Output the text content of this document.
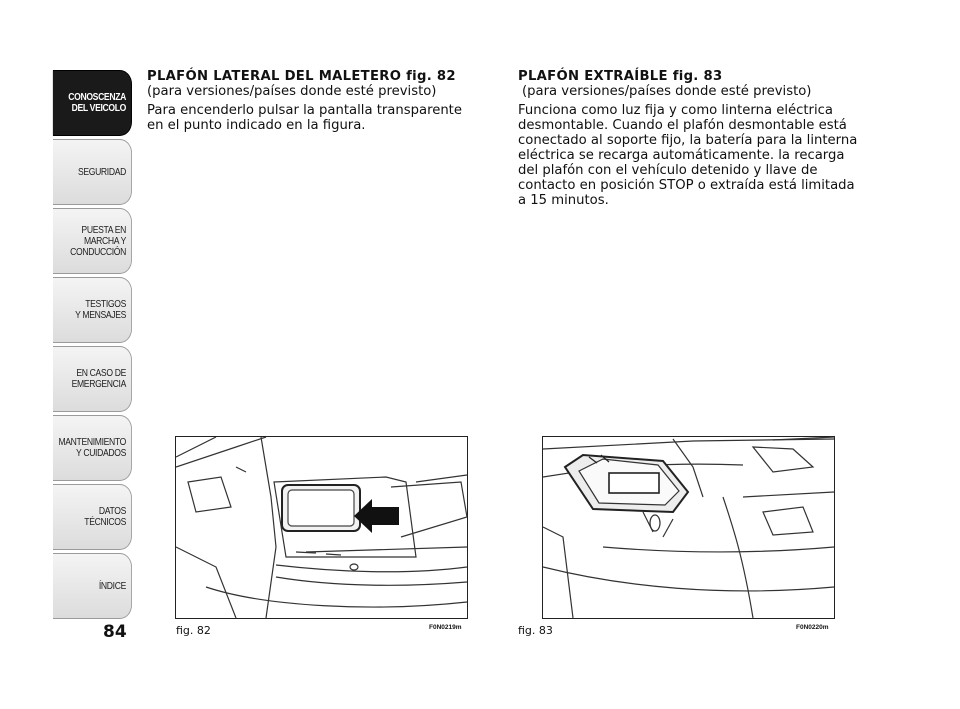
CONOSCENZA
DEL VEICOLO
SEGURIDAD
PUESTA EN
MARCHA Y
CONDUCCIÓN
TESTIGOS
Y MENSAJES
EN CASO DE
EMERGENCIA
MANTENIMIENTO
Y CUIDADOS
DATOS
TÉCNICOS
ÍNDICE
84
PLAFÓN LATERAL DEL MALETERO fig. 82

(para versiones/países donde esté previsto)

Para encenderlo pulsar la pantalla transparente en el punto indicado en la figura.

PLAFÓN EXTRAÍBLE fig. 83

(para versiones/países donde esté previsto)

Funciona como luz fija y como linterna eléctrica desmontable. Cuando el plafón desmontable está conectado al soporte fijo, la batería para la linterna eléctrica se recarga automáticamente. la recarga del plafón con el vehículo detenido y llave de contacto en posición STOP o extraída está limitada a 15 minutos.

fig. 82	F0N0219m	fig. 83	F0N0220m
